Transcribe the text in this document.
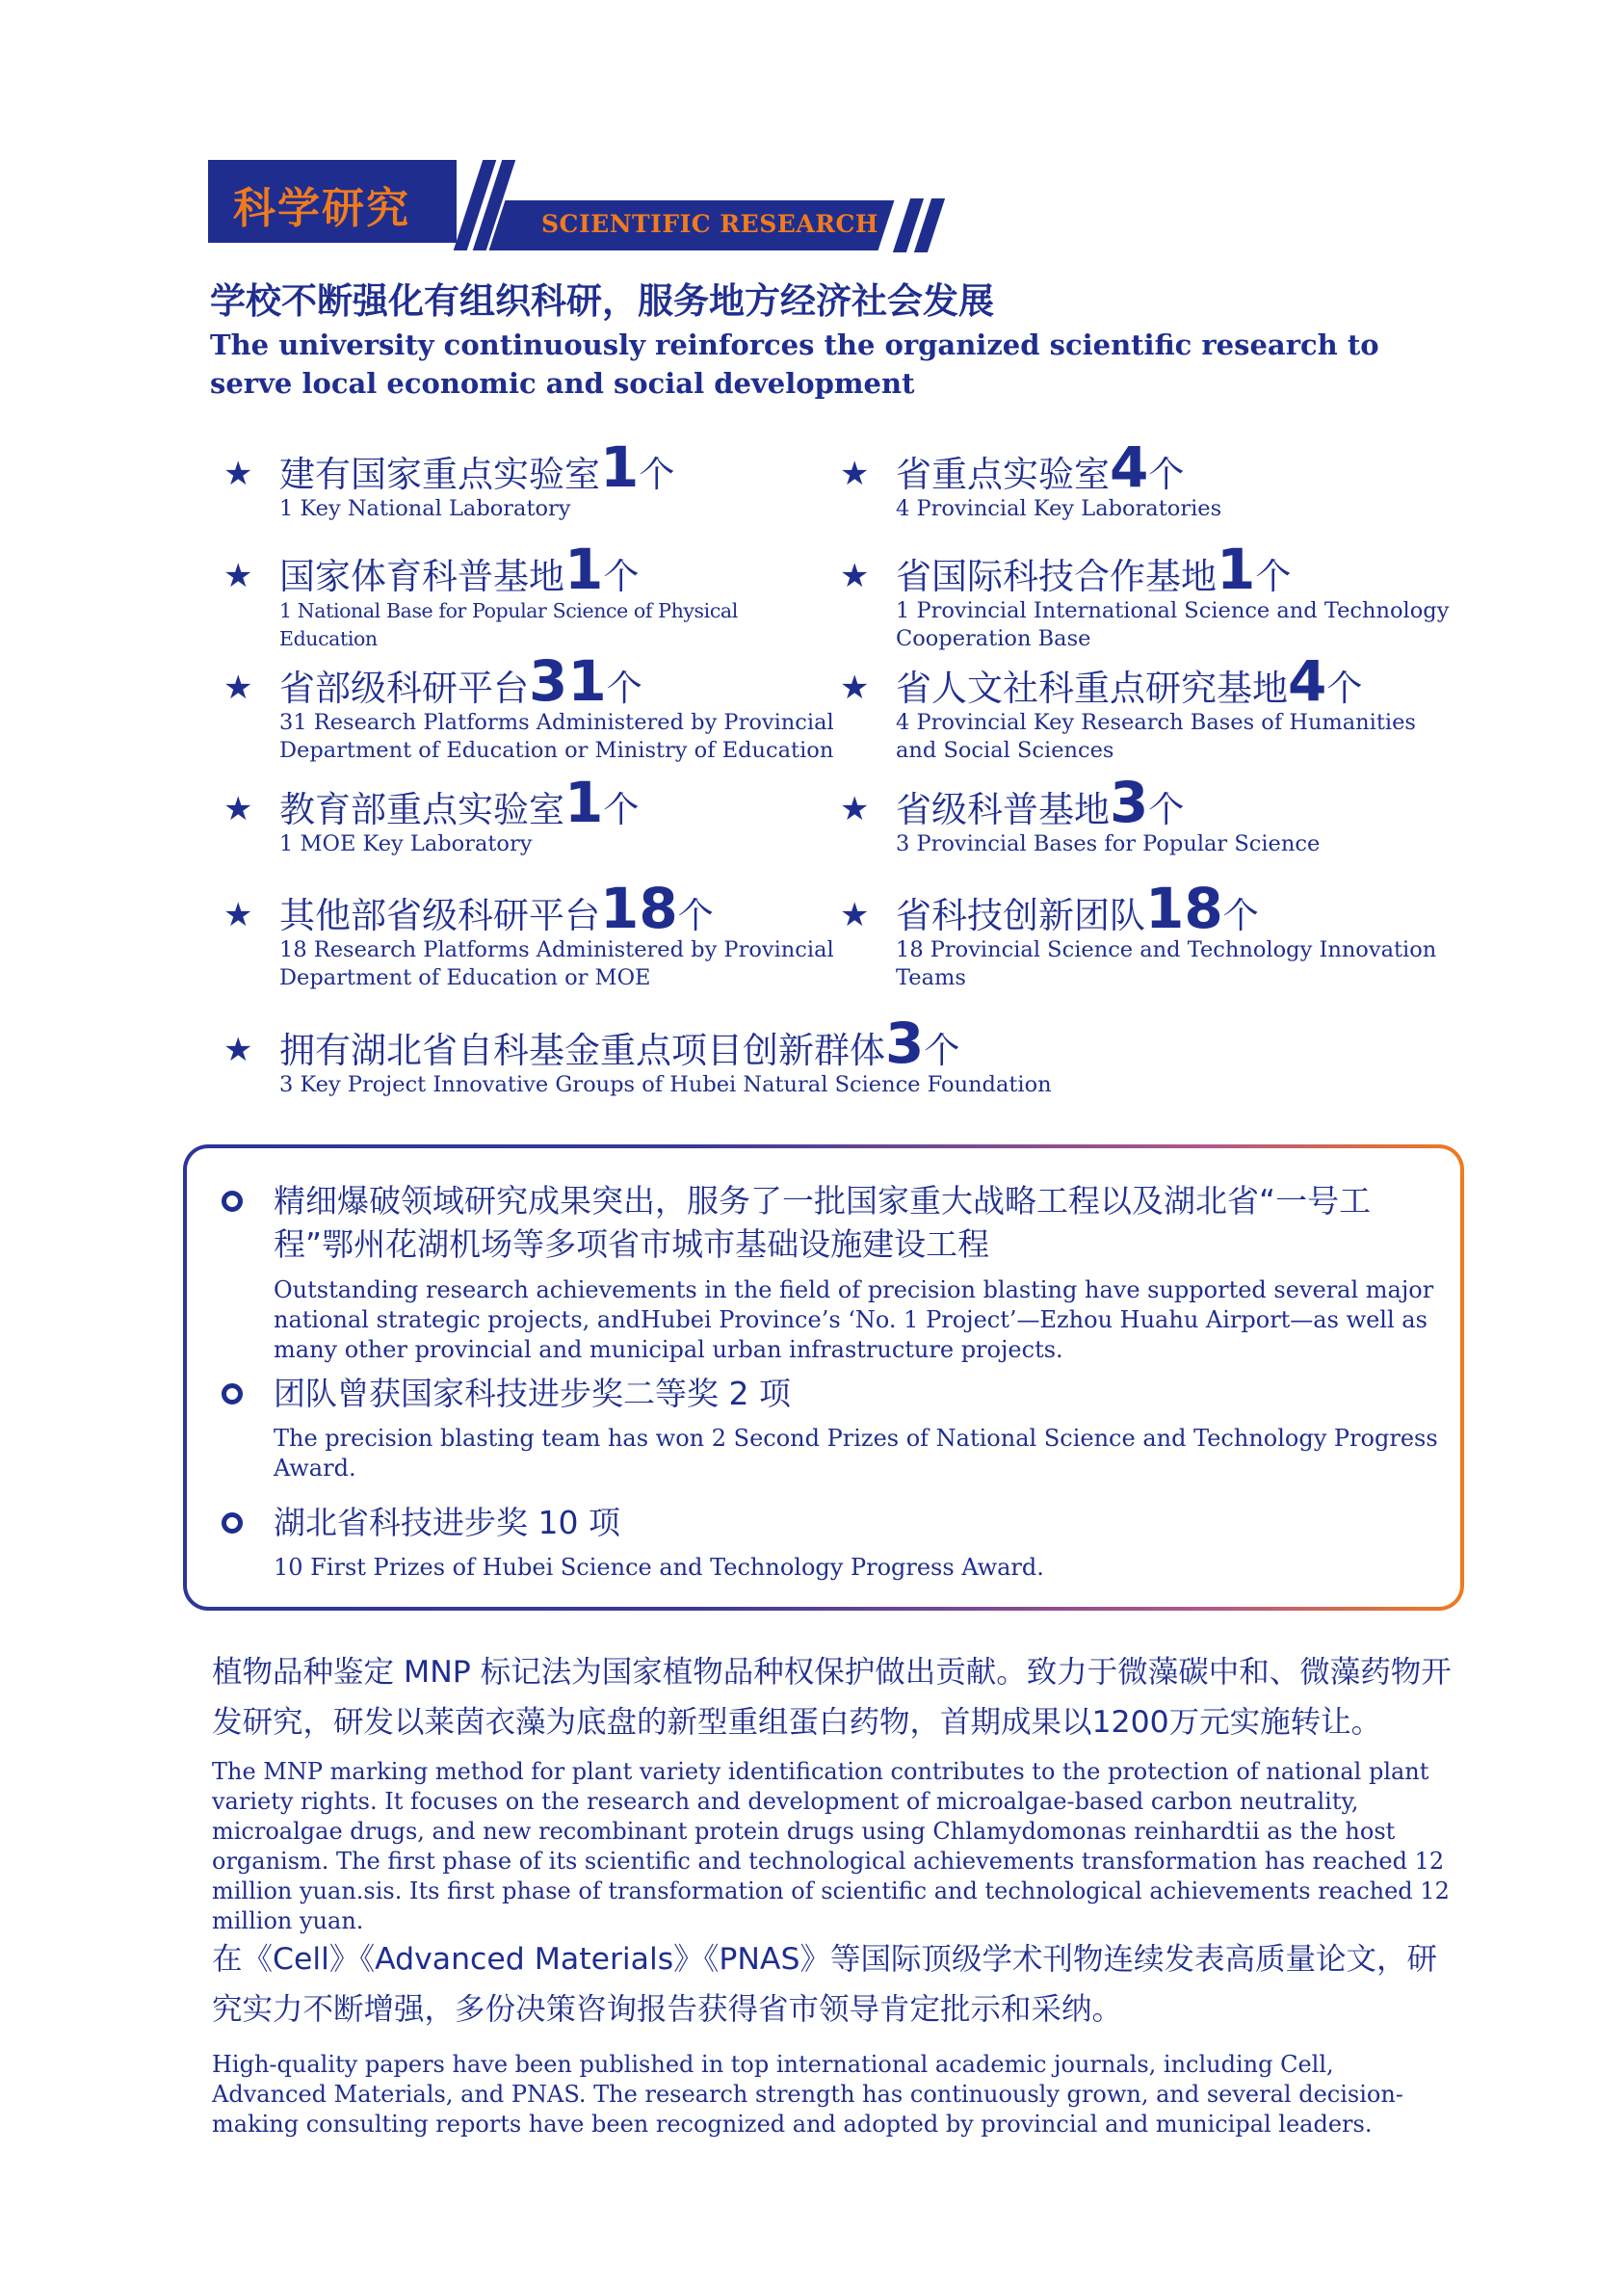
科学研究	SCIENTIFIC RESEARCH
学校不断强化有组织科研，服务地方经济社会发展
The university continuously reinforces the organized scientific research to serve local economic and social development
★ 建有国家重点实验室1个
1 Key National Laboratory
★ 省重点实验室4个
4 Provincial Key Laboratories
★ 国家体育科普基地1个
1 National Base for Popular Science of Physical Education
★ 省国际科技合作基地1个
1 Provincial International Science and Technology Cooperation Base
★ 省部级科研平台31个
31 Research Platforms Administered by Provincial Department of Education or Ministry of Education
★ 省人文社科重点研究基地4个
4 Provincial Key Research Bases of Humanities and Social Sciences
★ 教育部重点实验室1个
1 MOE Key Laboratory
★ 省级科普基地3个
3 Provincial Bases for Popular Science
★ 其他部省级科研平台18个
18 Research Platforms Administered by Provincial Department of Education or MOE
★ 省科技创新团队18个
18 Provincial Science and Technology Innovation Teams
★ 拥有湖北省自科基金重点项目创新群体3个
3 Key Project Innovative Groups of Hubei Natural Science Foundation
精细爆破领域研究成果突出，服务了一批国家重大战略工程以及湖北省“一号工程”鄂州花湖机场等多项省市城市基础设施建设工程
Outstanding research achievements in the field of precision blasting have supported several major national strategic projects, andHubei Province’s ‘No. 1 Project’—Ezhou Huahu Airport—as well as many other provincial and municipal urban infrastructure projects.
团队曾获国家科技进步奖二等奖 2 项
The precision blasting team has won 2 Second Prizes of National Science and Technology Progress Award.
湖北省科技进步奖 10 项
10 First Prizes of Hubei Science and Technology Progress Award.
植物品种鉴定 MNP 标记法为国家植物品种权保护做出贡献。致力于微藻碳中和、微藻药物开发研究，研发以莱茵衣藻为底盘的新型重组蛋白药物，首期成果以1200万元实施转让。
The MNP marking method for plant variety identification contributes to the protection of national plant variety rights. It focuses on the research and development of microalgae-based carbon neutrality, microalgae drugs, and new recombinant protein drugs using Chlamydomonas reinhardtii as the host organism. The first phase of its scientific and technological achievements transformation has reached 12 million yuan.sis. Its first phase of transformation of scientific and technological achievements reached 12 million yuan.
在《Cell》《Advanced Materials》《PNAS》等国际顶级学术刊物连续发表高质量论文，研究实力不断增强，多份决策咨询报告获得省市领导肯定批示和采纳。
High-quality papers have been published in top international academic journals, including Cell, Advanced Materials, and PNAS. The research strength has continuously grown, and several decision-making consulting reports have been recognized and adopted by provincial and municipal leaders.
